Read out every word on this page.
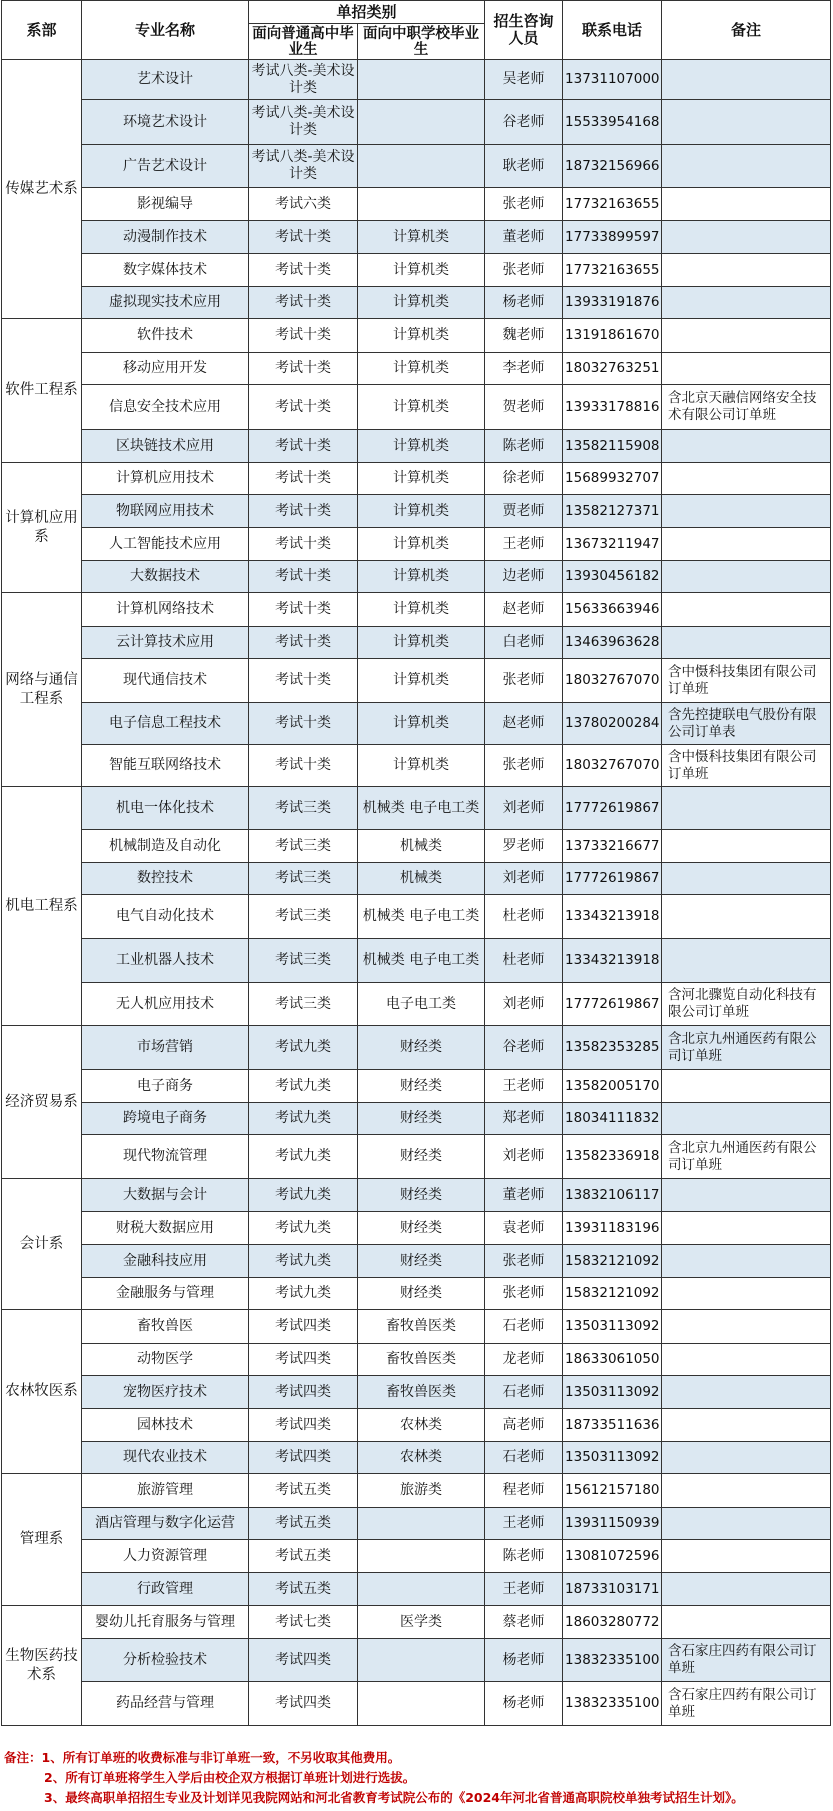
系部	专业名称	单招类别		招生咨询人员	联系电话	备注
		面向普通高中毕业生	面向中职学校毕业生			
传媒艺术系	艺术设计	考试八类-美术设计类		吴老师	13731107000	
	环境艺术设计	考试八类-美术设计类		谷老师	15533954168	
	广告艺术设计	考试八类-美术设计类		耿老师	18732156966	
	影视编导	考试六类		张老师	17732163655	
	动漫制作技术	考试十类	计算机类	董老师	17733899597	
	数字媒体技术	考试十类	计算机类	张老师	17732163655	
	虚拟现实技术应用	考试十类	计算机类	杨老师	13933191876	
软件工程系	软件技术	考试十类	计算机类	魏老师	13191861670	
	移动应用开发	考试十类	计算机类	李老师	18032763251	
	信息安全技术应用	考试十类	计算机类	贺老师	13933178816	含北京天融信网络安全技术有限公司订单班
	区块链技术应用	考试十类	计算机类	陈老师	13582115908	
计算机应用系	计算机应用技术	考试十类	计算机类	徐老师	15689932707	
	物联网应用技术	考试十类	计算机类	贾老师	13582127371	
	人工智能技术应用	考试十类	计算机类	王老师	13673211947	
	大数据技术	考试十类	计算机类	边老师	13930456182	
网络与通信工程系	计算机网络技术	考试十类	计算机类	赵老师	15633663946	
	云计算技术应用	考试十类	计算机类	白老师	13463963628	
	现代通信技术	考试十类	计算机类	张老师	18032767070	含中慑科技集团有限公司订单班
	电子信息工程技术	考试十类	计算机类	赵老师	13780200284	含先控捷联电气股份有限公司订单表
	智能互联网络技术	考试十类	计算机类	张老师	18032767070	含中慑科技集团有限公司订单班
机电工程系	机电一体化技术	考试三类	机械类 电子电工类	刘老师	17772619867	
	机械制造及自动化	考试三类	机械类	罗老师	13733216677	
	数控技术	考试三类	机械类	刘老师	17772619867	
	电气自动化技术	考试三类	机械类 电子电工类	杜老师	13343213918	
	工业机器人技术	考试三类	机械类 电子电工类	杜老师	13343213918	
	无人机应用技术	考试三类	电子电工类	刘老师	17772619867	含河北骤览自动化科技有限公司订单班
经济贸易系	市场营销	考试九类	财经类	谷老师	13582353285	含北京九州通医药有限公司订单班
	电子商务	考试九类	财经类	王老师	13582005170	
	跨境电子商务	考试九类	财经类	郑老师	18034111832	
	现代物流管理	考试九类	财经类	刘老师	13582336918	含北京九州通医药有限公司订单班
会计系	大数据与会计	考试九类	财经类	董老师	13832106117	
	财税大数据应用	考试九类	财经类	袁老师	13931183196	
	金融科技应用	考试九类	财经类	张老师	15832121092	
	金融服务与管理	考试九类	财经类	张老师	15832121092	
农林牧医系	畜牧兽医	考试四类	畜牧兽医类	石老师	13503113092	
	动物医学	考试四类	畜牧兽医类	龙老师	18633061050	
	宠物医疗技术	考试四类	畜牧兽医类	石老师	13503113092	
	园林技术	考试四类	农林类	高老师	18733511636	
	现代农业技术	考试四类	农林类	石老师	13503113092	
管理系	旅游管理	考试五类	旅游类	程老师	15612157180	
	酒店管理与数字化运营	考试五类		王老师	13931150939	
	人力资源管理	考试五类		陈老师	13081072596	
	行政管理	考试五类		王老师	18733103171	
生物医药技术系	婴幼儿托育服务与管理	考试七类	医学类	蔡老师	18603280772	
	分析检验技术	考试四类		杨老师	13832335100	含石家庄四药有限公司订单班
	药品经营与管理	考试四类		杨老师	13832335100	含石家庄四药有限公司订单班
备注：1、所有订单班的收费标准与非订单班一致，不另收取其他费用。
2、所有订单班将学生入学后由校企双方根据订单班计划进行选拔。
3、最终高职单招招生专业及计划详见我院网站和河北省教育考试院公布的《2024年河北省普通高职院校单独考试招生计划》。
